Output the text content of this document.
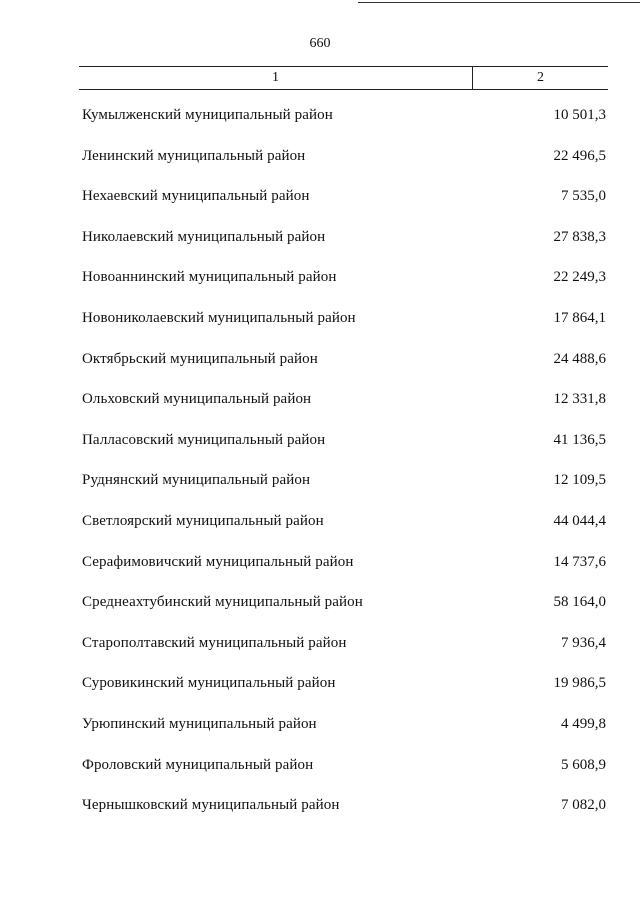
660
1	2
Кумылженский муниципальный район	10 501,3
Ленинский муниципальный район	22 496,5
Нехаевский муниципальный район	7 535,0
Николаевский муниципальный район	27 838,3
Новоаннинский муниципальный район	22 249,3
Новониколаевский муниципальный район	17 864,1
Октябрьский муниципальный район	24 488,6
Ольховский муниципальный район	12 331,8
Палласовский муниципальный район	41 136,5
Руднянский муниципальный район	12 109,5
Светлоярский муниципальный район	44 044,4
Серафимовичский муниципальный район	14 737,6
Среднеахтубинский муниципальный район	58 164,0
Старополтавский муниципальный район	7 936,4
Суровикинский муниципальный район	19 986,5
Урюпинский муниципальный район	4 499,8
Фроловский муниципальный район	5 608,9
Чернышковский муниципальный район	7 082,0
